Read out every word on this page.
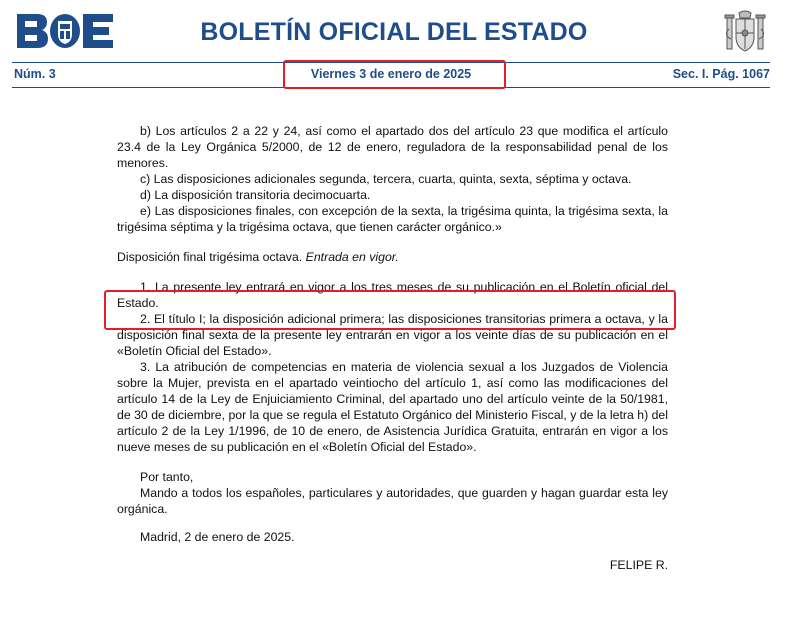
BOLETÍN OFICIAL DEL ESTADO
Núm. 3	Viernes 3 de enero de 2025	Sec. I. Pág. 1067

b) Los artículos 2 a 22 y 24, así como el apartado dos del artículo 23 que modifica el artículo 23.4 de la Ley Orgánica 5/2000, de 12 de enero, reguladora de la responsabilidad penal de los menores.

c) Las disposiciones adicionales segunda, tercera, cuarta, quinta, sexta, séptima y octava.

d) La disposición transitoria decimocuarta.

e) Las disposiciones finales, con excepción de la sexta, la trigésima quinta, la trigésima sexta, la trigésima séptima y la trigésima octava, que tienen carácter orgánico.»

Disposición final trigésima octava. Entrada en vigor.

1. La presente ley entrará en vigor a los tres meses de su publicación en el Boletín oficial del Estado.

2. El título I; la disposición adicional primera; las disposiciones transitorias primera a octava, y la disposición final sexta de la presente ley entrarán en vigor a los veinte días de su publicación en el «Boletín Oficial del Estado».

3. La atribución de competencias en materia de violencia sexual a los Juzgados de Violencia sobre la Mujer, prevista en el apartado veintiocho del artículo 1, así como las modificaciones del artículo 14 de la Ley de Enjuiciamiento Criminal, del apartado uno del artículo veinte de la 50/1981, de 30 de diciembre, por la que se regula el Estatuto Orgánico del Ministerio Fiscal, y de la letra h) del artículo 2 de la Ley 1/1996, de 10 de enero, de Asistencia Jurídica Gratuita, entrarán en vigor a los nueve meses de su publicación en el «Boletín Oficial del Estado».

Por tanto,

Mando a todos los españoles, particulares y autoridades, que guarden y hagan guardar esta ley orgánica.

Madrid, 2 de enero de 2025.

FELIPE R.
